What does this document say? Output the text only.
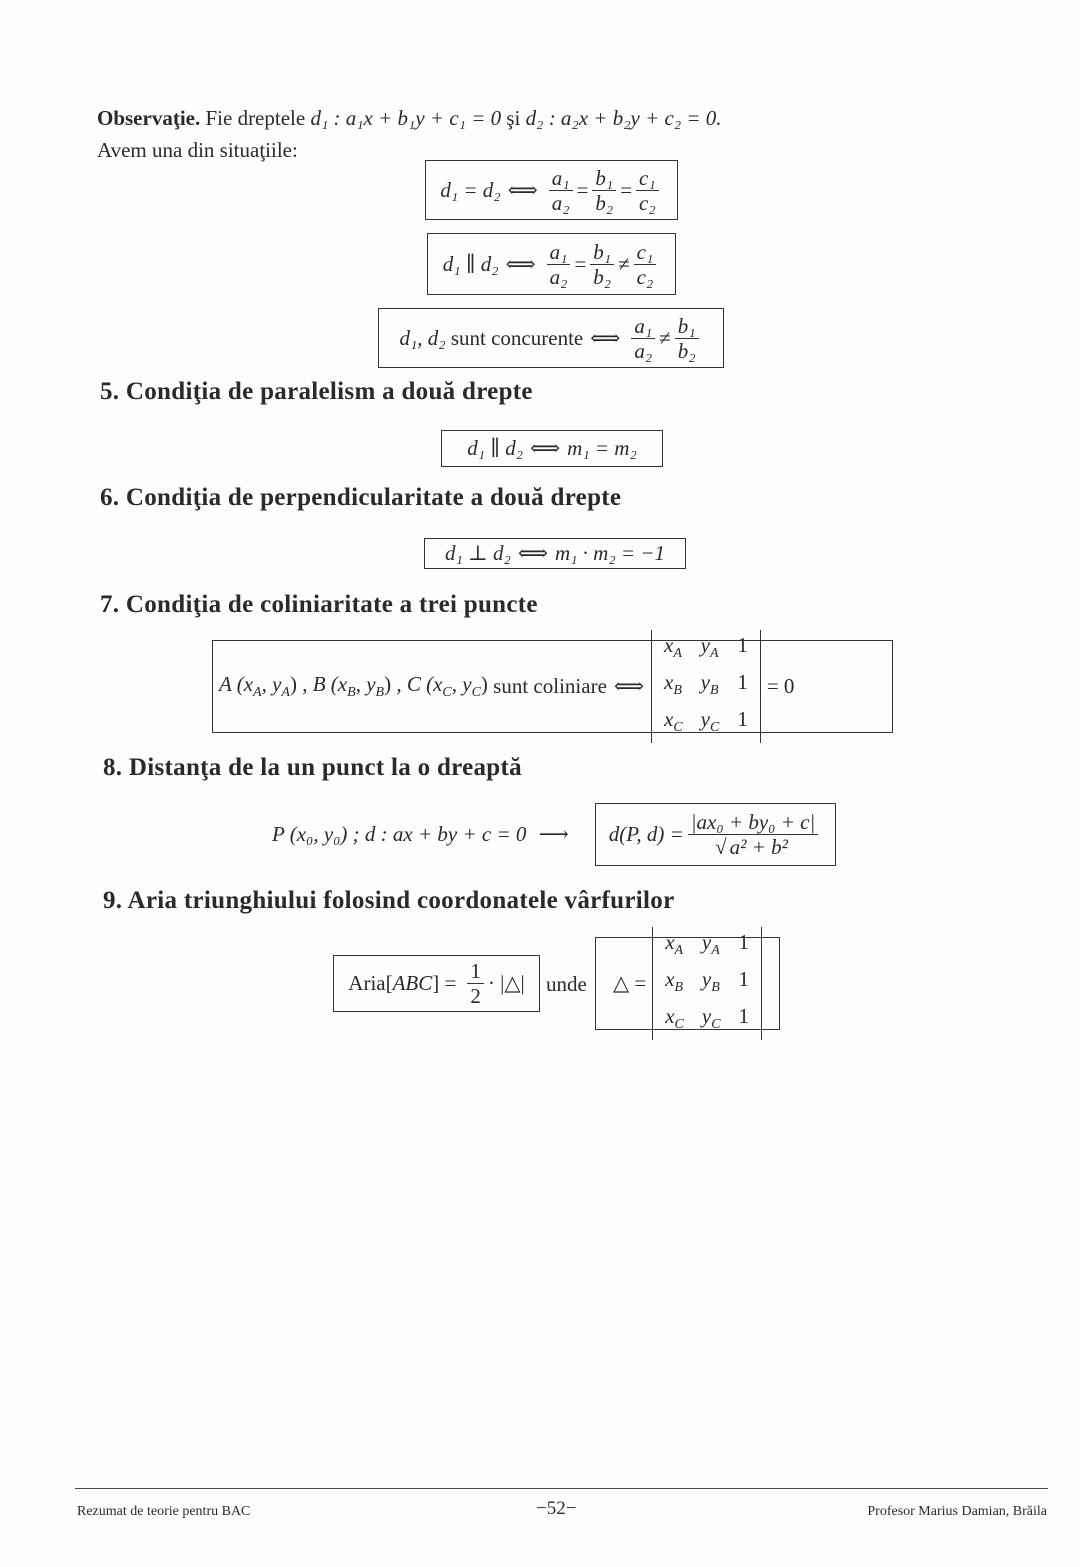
Observaţie. Fie dreptele d₁ : a₁x + b₁y + c₁ = 0 şi d₂ : a₂x + b₂y + c₂ = 0.
Avem una din situaţiile:
d₁ = d₂ ⟺ $\frac{\text{a₁}}{\text{a₂}} = \frac{\text{b₁}}{\text{b₂}} = \frac{\text{c₁}}{\text{c₂}}$
d₁ ∥ d₂ ⟺ $\frac{\text{a₁}}{\text{a₂}} = \frac{\text{b₁}}{\text{b₂}} \ne \frac{\text{c₁}}{\text{c₂}}$
d₁, d₂
sunt concurente ⟺ $\frac{\text{a₁}}{\text{a₂}} \ne \frac{\text{b₁}}{\text{b₂}}$
5. Condiţia de paralelism a două drepte
d₁ ∥ d₂ ⟺ m₁ = m₂
6. Condiţia de perpendicularitate a două drepte
d₁ ⊥ d₂ ⟺ m₁ · m₂ = −1
7. Condiţia de coliniaritate a trei puncte
A ($x_A$, $y_A$) , B ($x_B$, $y_B$) , C ($x_C$, $y_C$)
sunt coliniare ⟺
$x_A$ $y_A$ 1
$x_B$ $y_B$ 1
$x_C$ $y_C$ 1
= 0
8. Distanţa de la un punct la o dreaptă
P (x₀, y₀) ; d : ax + by + c = 0 ⟶	d(P, $d) = \frac{\text{|ax₀ + by₀ + c|}}{\text{√ a² + b²}}$
9. Aria triunghiului folosind coordonatele vârfurilor
Aria[ ABC ] = $\frac{1}{2}$ · |△| unde △ =
$x_A$ $y_A$ 1
$x_B$ $y_B$ 1
$x_C$ $y_C$ 1
Rezumat de teorie pentru BAC	−52−	Profesor Marius Damian, Brăila
